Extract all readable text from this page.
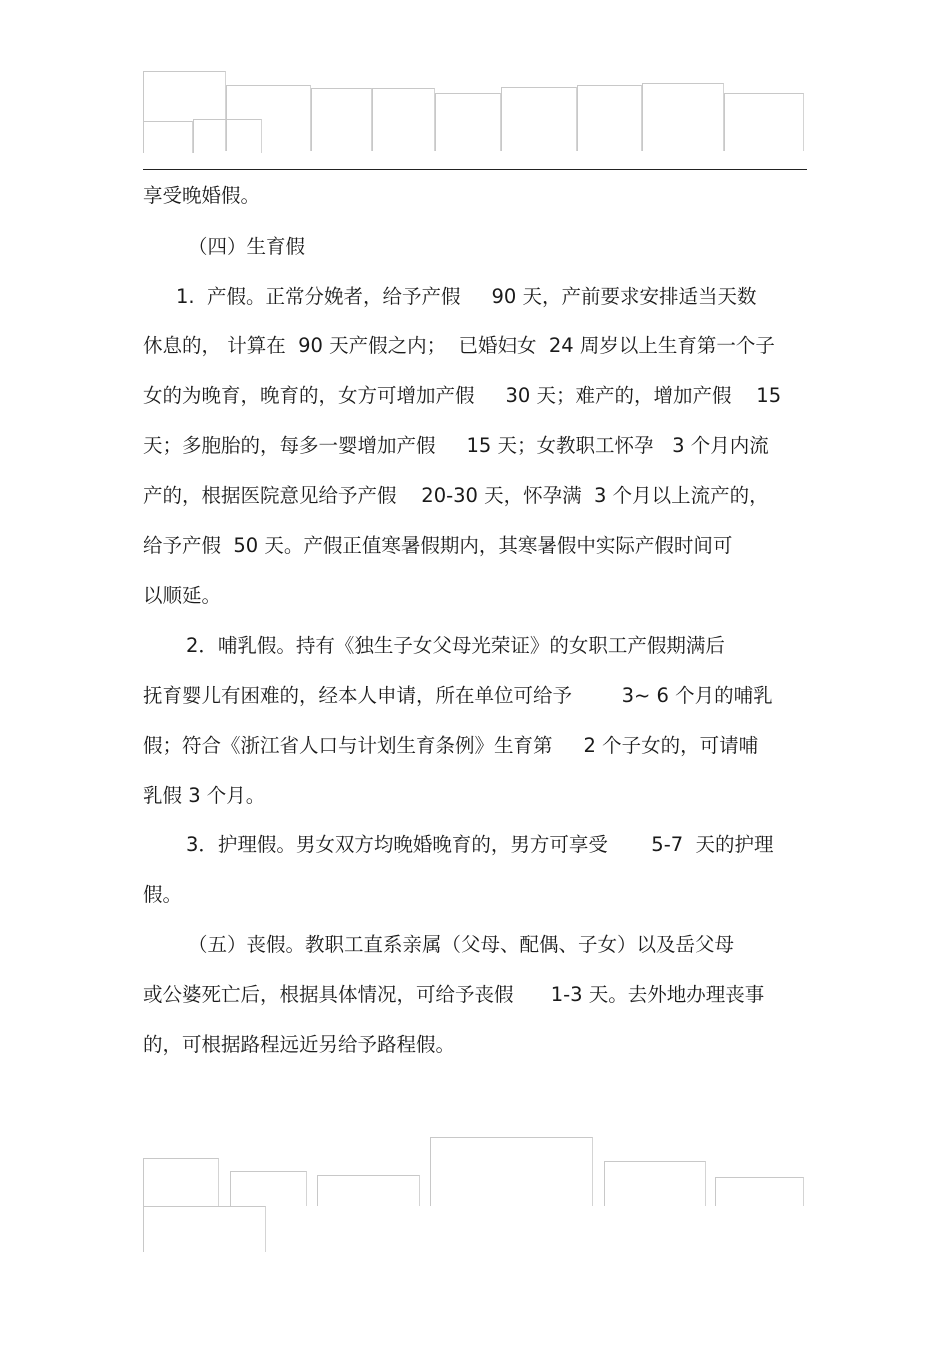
享受晚婚假。
（四）生育假
1.  产假。正常分娩者，给予产假     90 天，产前要求安排适当天数
休息的， 计算在  90 天产假之内；  已婚妇女  24 周岁以上生育第一个子
女的为晚育，晚育的，女方可增加产假     30 天；难产的，增加产假    15
天；多胞胎的，每多一婴增加产假     15 天；女教职工怀孕   3 个月内流
产的，根据医院意见给予产假    20-30 天，怀孕满  3 个月以上流产的，
给予产假  50 天。产假正值寒暑假期内，其寒暑假中实际产假时间可
以顺延。
2．哺乳假。持有《独生子女父母光荣证》的女职工产假期满后
抚育婴儿有困难的，经本人申请，所在单位可给予        3~ 6 个月的哺乳
假；符合《浙江省人口与计划生育条例》生育第     2 个子女的，可请哺
乳假 3 个月。
3．护理假。男女双方均晚婚晚育的，男方可享受       5-7  天的护理
假。
（五）丧假。教职工直系亲属（父母、配偶、子女）以及岳父母
或公婆死亡后，根据具体情况，可给予丧假      1-3 天。去外地办理丧事
的，可根据路程远近另给予路程假。
